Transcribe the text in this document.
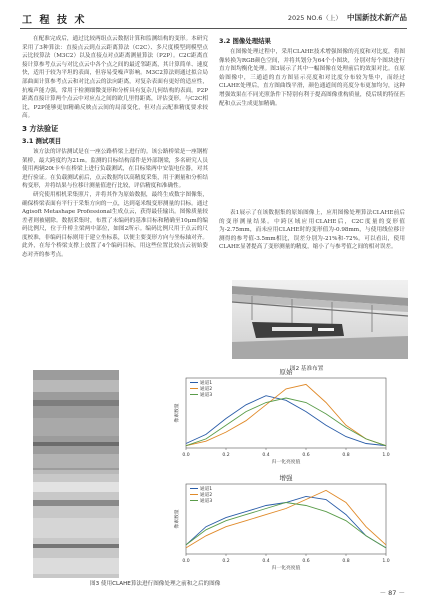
工 程 技 术	2025 NO.6（上） 中国新技术新产品

在配准完成后，通过比较两组点云数据计算和监测结构的变形。本研究采用了3种算法：直接点云到点云距离算法（C2C）、多尺度模型到模型点云比较算法（M3C2）以及直接点对点距离测量算法（P2P）。C2C距离直接计算参考点云与对比点云中各个点之间的最近邻距离，其计算简单、速度快，适用于较为平坦的表面，但容易受噪声影响。M3C2算法则通过拟合局部曲面计算参考点云和对比点云的法向距离，对复杂表面有更好的适应性，抗噪声能力强，常用于检测细微变形和分析具有复杂几何结构的表面。P2P距离直接计算两个点云中对应点之间的欧几里得距离，评估变形。与C2C相比，P2P能够更加精确反映点云间的局部变化，但对点云配准精度要求较高。

3 方法验证
3.1 测试项目

该方法的评估测试是在一座公路桥梁上进行的。该公路桥梁是一座钢桁架桥，最大跨度约为21m。监测的目标结构部件是外部钢梁，多名研究人员使用两辆20t卡车在桥梁上进行负载测试，在目标梁两中安装电位器，对其进行验证。在负载测试前后，点云数据均以高精度采集，用于测量和分析结构变形，并将结果与位移计测量值进行比较，评估精度和准确性。

研究使用相机采集照片，并将其作为原始数据，最终生成数字图像集，确保桥梁表面有平行于采集方向的一点，达到毫米级变形测量的目标。通过Agisoft Metashape Professional生成点云，获得最佳输出。图像质量较差者则被剔除。数据采集时，布置了未编码的基准目标和精确至10μm的编码比例尺，位于升桥主梁两中部位，如图2所示。编码比例尺用于点云的尺度校准，非编码目标则用于建立坐标系，以便主要变形方向与坐标轴对齐。此外，在每个桥梁支撑上放置了4个编码目标，用这些位置比较点云初始姿态对齐的参考点。

3.2 图像处理结果

在图像处理过程中，采用CLAHE技术增强图像的亮度和对比度，将图像转换为RGB颜色空间，并将其划分为64个小图块，分别对每个图块进行直方图均衡化处理。图3展示了其中一幅图像在处理前后的效果对比。在原始图像中，三通道的直方图显示亮度和对比度分布较为集中，而经过CLAHE处理后，直方图曲线平滑，颜色通道间的亮度分布更加均匀，这种增强效果在不同光照条件下特别有利于提高图像重构质量，使后续的特征匹配和点云生成更加精确。

表1展示了在该数据集的原始图像上，应用图像处理算法CLAHE前后的变形测量结果。中跨区域应用CLAHE后，C2C度量的变形值为-2.75mm，而未应用CLAHE时的变形值为-0.98mm，与使用线位移计测得的参考值-3.5mm相比，误差分别为-21%和-72%。可以看出，使用CLAHE显著提高了变形测量的精度，缩小了与参考值之间的相对误差。

图2 基准布置
原始
0.0	0.2	0.4	0.6	0.8	1.0
归一化亮度值
像素数量
通道1
通道2
通道3
增强
0.0	0.2	0.4	0.6	0.8	1.0
归一化亮度值
像素数量
通道1
通道2
通道3
图3 使用CLAHE算法进行图像处理之前和之后的图像
－ 87 －
